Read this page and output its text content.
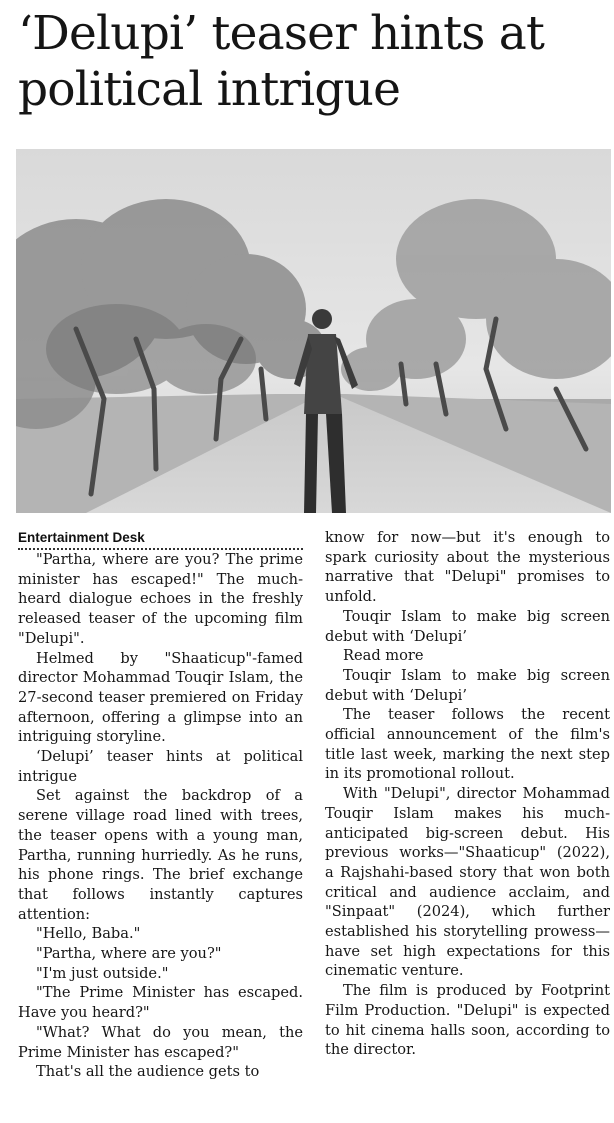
‘Delupi’ teaser hints at political intrigue
Entertainment Desk

"Partha, where are you? The prime minister has escaped!" The much-heard dialogue echoes in the freshly released teaser of the upcoming film "Delupi".

Helmed by "Shaaticup"-famed director Mohammad Touqir Islam, the 27-second teaser premiered on Friday afternoon, offering a glimpse into an intriguing storyline.

‘Delupi’ teaser hints at political intrigue

Set against the backdrop of a serene village road lined with trees, the teaser opens with a young man, Partha, running hurriedly. As he runs, his phone rings. The brief exchange that follows instantly captures attention:

"Hello, Baba."

"Partha, where are you?"

"I'm just outside."

"The Prime Minister has escaped. Have you heard?"

"What? What do you mean, the Prime Minister has escaped?"

That's all the audience gets to

know for now—but it's enough to spark curiosity about the mysterious narrative that "Delupi" promises to unfold.

Touqir Islam to make big screen debut with ‘Delupi’

Read more

Touqir Islam to make big screen debut with ‘Delupi’

The teaser follows the recent official announcement of the film's title last week, marking the next step in its promotional rollout.

With "Delupi", director Mohammad Touqir Islam makes his much-anticipated big-screen debut. His previous works—"Shaaticup" (2022), a Rajshahi-based story that won both critical and audience acclaim, and "Sinpaat" (2024), which further established his storytelling prowess—have set high expectations for this cinematic venture.

The film is produced by Footprint Film Production. "Delupi" is expected to hit cinema halls soon, according to the director.
